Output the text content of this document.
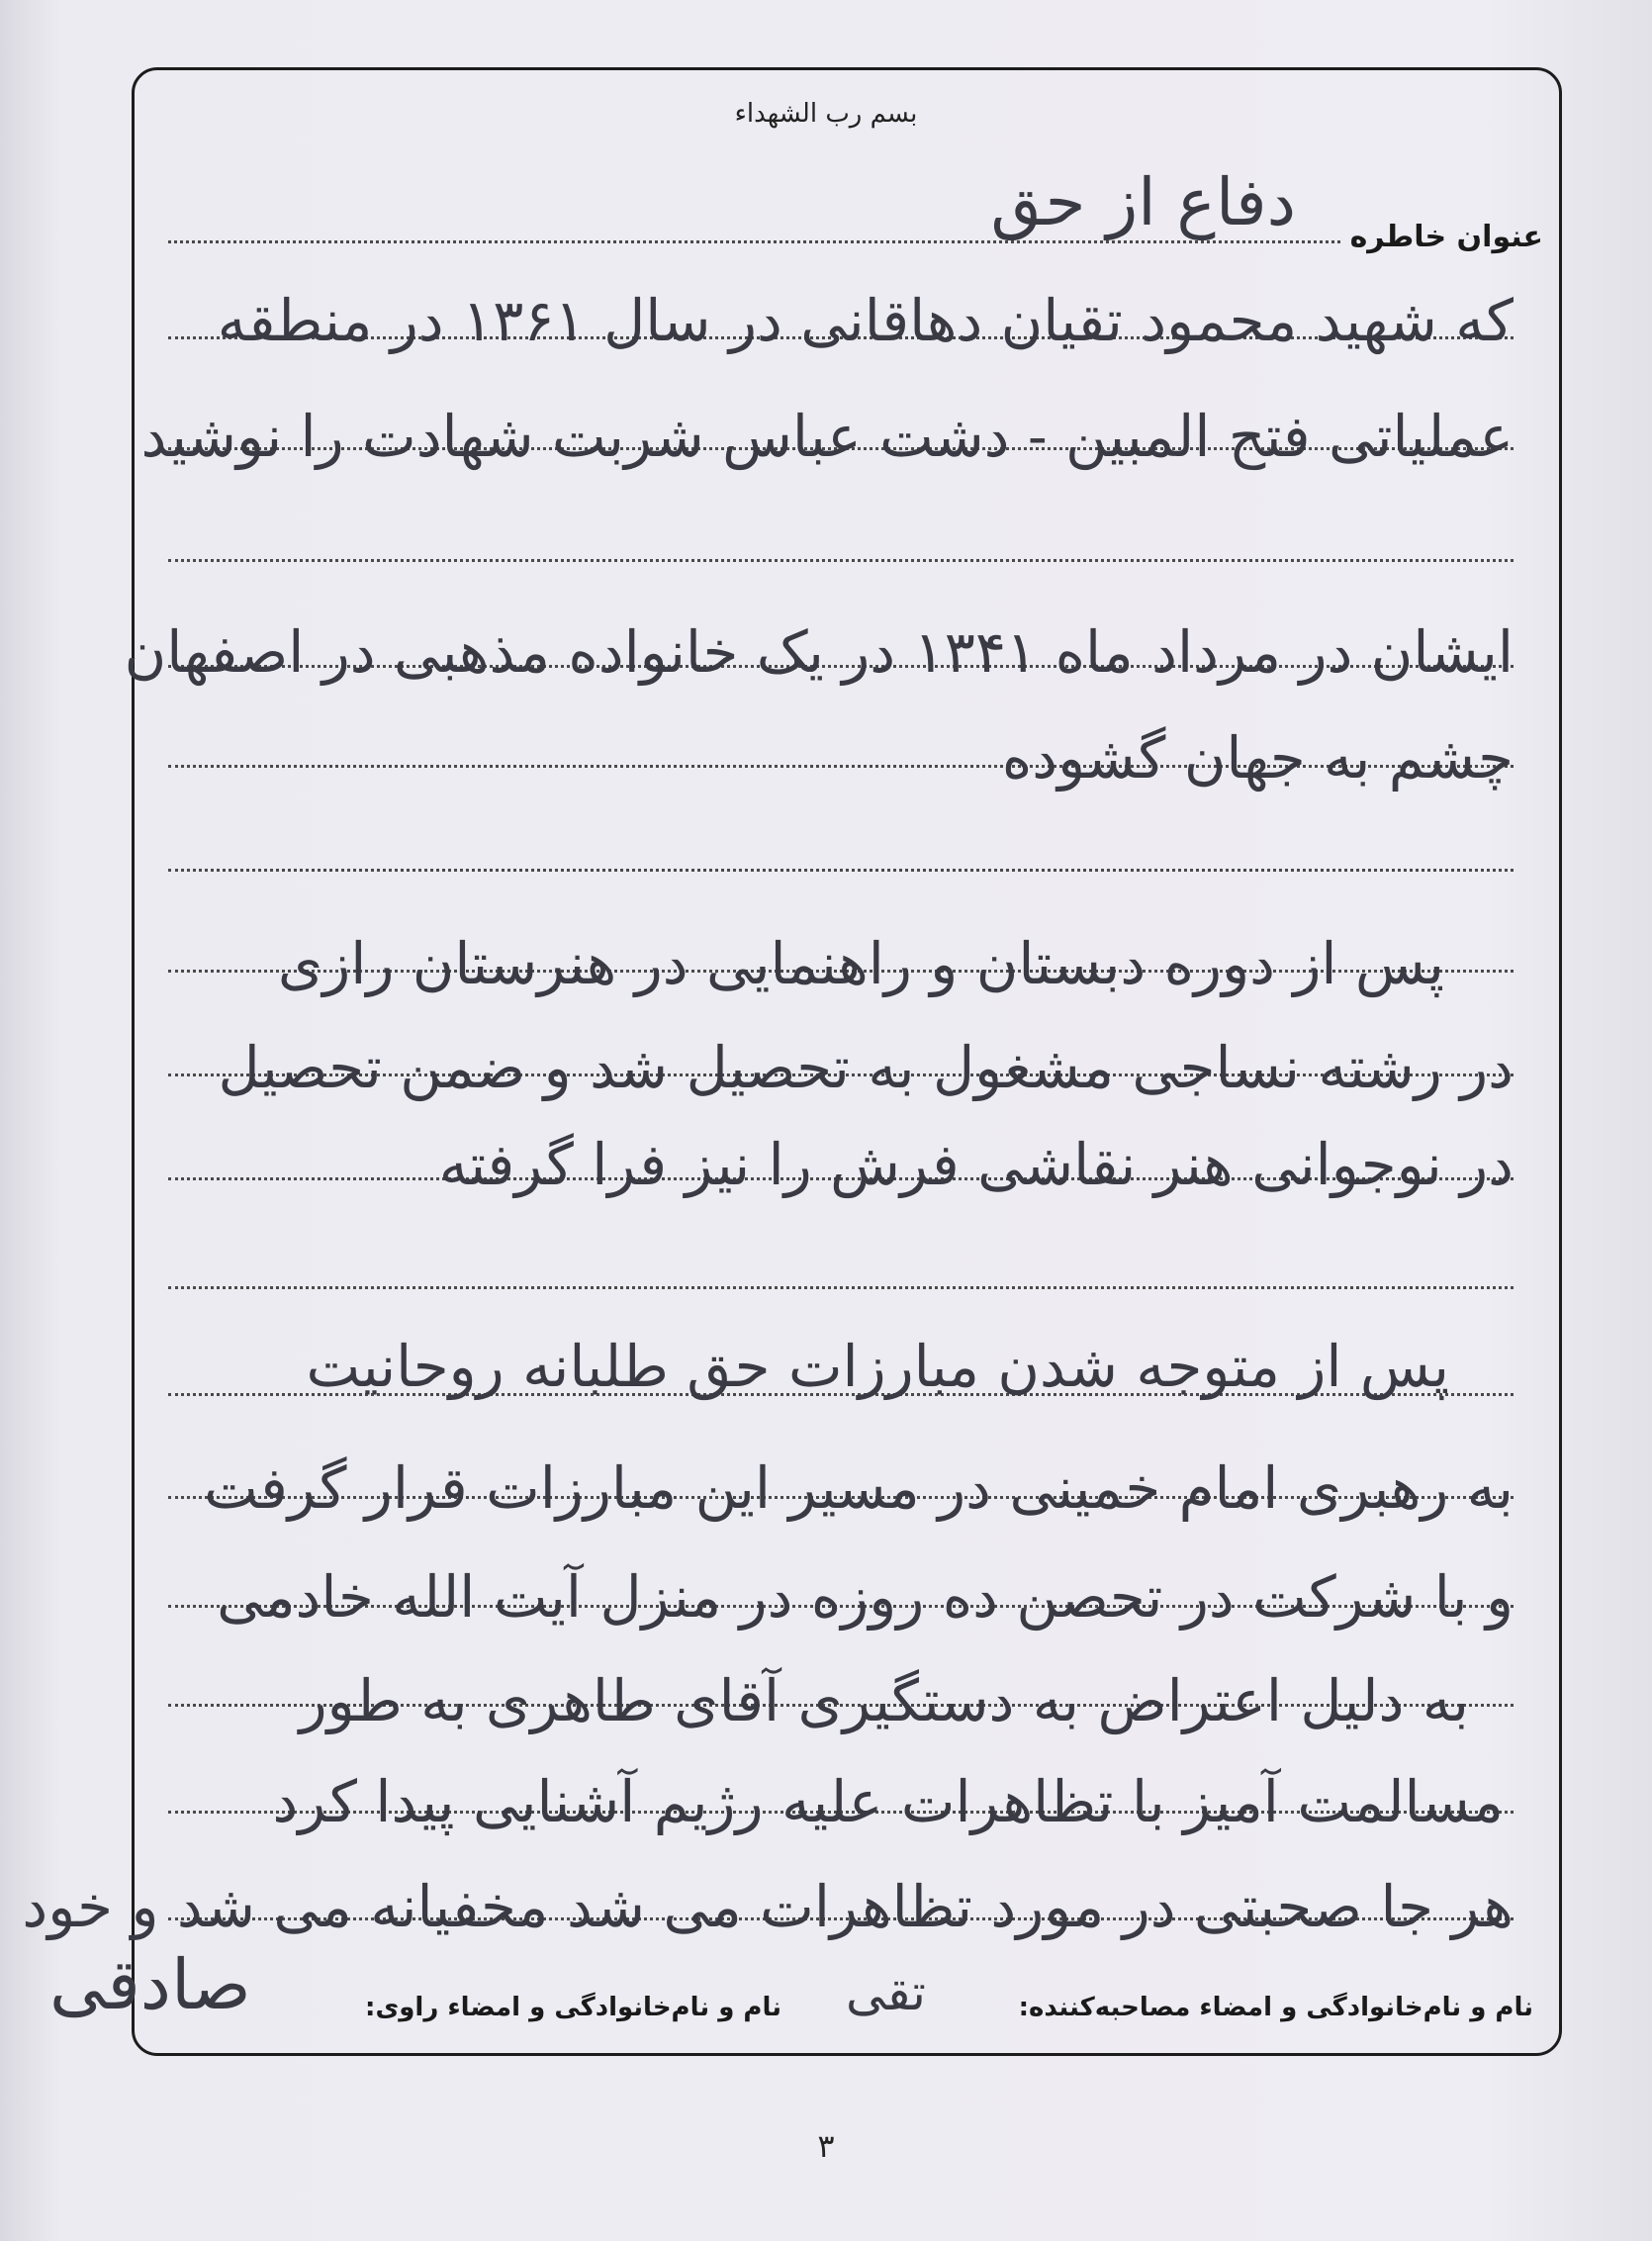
بسم رب الشهداء
عنوان خاطره
دفاع از حق
که شهید محمود تقیان دهاقانی در سال ۱۳۶۱ در منطقه
عملیاتی فتح المبین - دشت عباس شربت شهادت را نوشید
ایشان در مرداد ماه ۱۳۴۱ در یک خانواده مذهبی در اصفهان
چشم به جهان گشوده
پس از دوره دبستان و راهنمایی در هنرستان رازی
در رشته نساجی مشغول به تحصیل شد و ضمن تحصیل
در نوجوانی هنر نقاشی فرش را نیز فرا گرفته
پس از متوجه شدن مبارزات حق طلبانه روحانیت
به رهبری امام خمینی در مسیر این مبارزات قرار گرفت
و با شرکت در تحصن ده روزه در منزل آیت الله خادمی
به دلیل اعتراض به دستگیری آقای طاهری به طور
مسالمت آمیز با تظاهرات علیه رژیم آشنایی پیدا کرد
هر جا صحبتی در مورد تظاهرات می شد مخفیانه می شد و خود
نام و نام‌خانوادگی و امضاء مصاحبه‌کننده:
نام و نام‌خانوادگی و امضاء راوی: تقی
صادقی
۳
